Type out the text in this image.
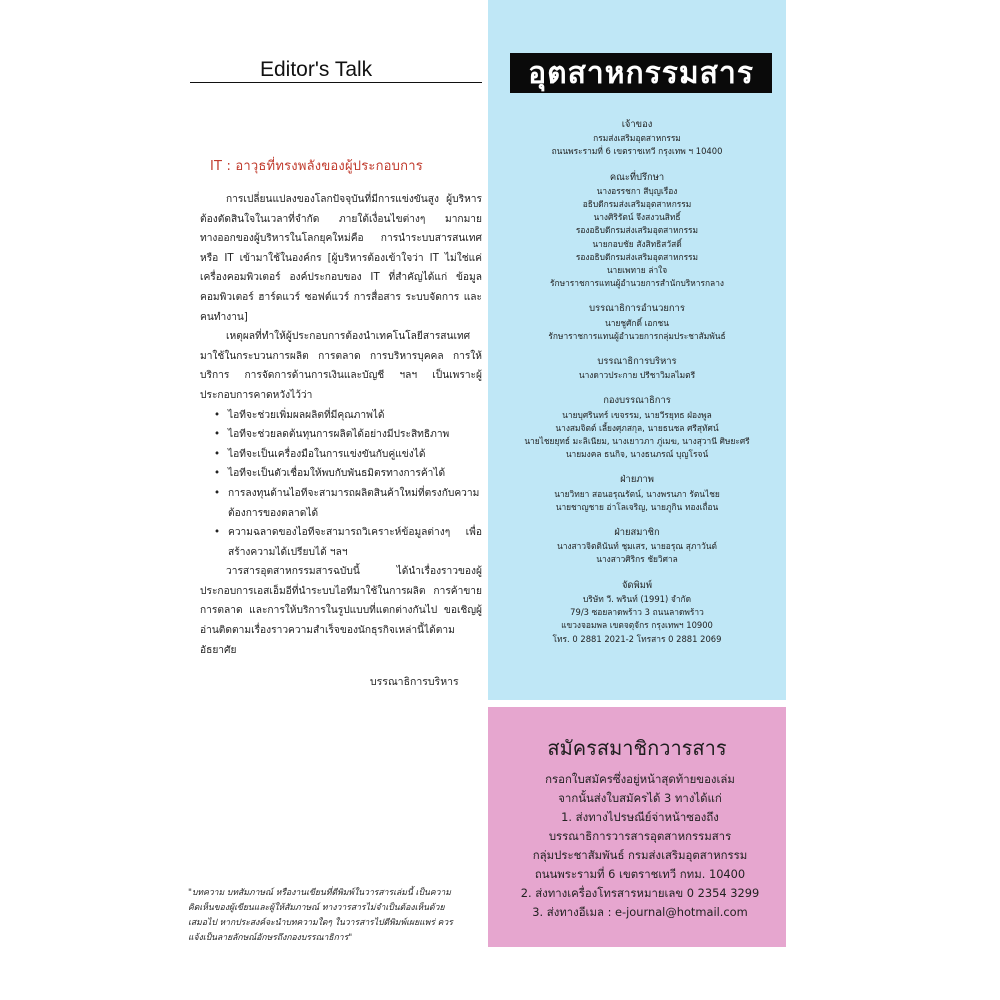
Editor's Talk
IT : อาวุธที่ทรงพลังของผู้ประกอบการ

การเปลี่ยนแปลงของโลกปัจจุบันที่มีการแข่งขันสูง ผู้บริหารต้องตัดสินใจในเวลาที่จำกัด ภายใต้เงื่อนไขต่างๆ มากมาย ทางออกของผู้บริหารในโลกยุคใหม่คือ การนำระบบสารสนเทศ หรือ IT เข้ามาใช้ในองค์กร [ผู้บริหารต้องเข้าใจว่า IT ไม่ใช่แค่เครื่องคอมพิวเตอร์ องค์ประกอบของ IT ที่สำคัญได้แก่ ข้อมูล คอมพิวเตอร์ ฮาร์ดแวร์ ซอฟต์แวร์ การสื่อสาร ระบบจัดการ และคนทำงาน]

เหตุผลที่ทำให้ผู้ประกอบการต้องนำเทคโนโลยีสารสนเทศมาใช้ในกระบวนการผลิต การตลาด การบริหารบุคคล การให้บริการ การจัดการด้านการเงินและบัญชี ฯลฯ เป็นเพราะผู้ประกอบการคาดหวังไว้ว่า

• ไอทีจะช่วยเพิ่มผลผลิตที่มีคุณภาพได้
• ไอทีจะช่วยลดต้นทุนการผลิตได้อย่างมีประสิทธิภาพ
• ไอทีจะเป็นเครื่องมือในการแข่งขันกับคู่แข่งได้
• ไอทีจะเป็นตัวเชื่อมให้พบกับพันธมิตรทางการค้าได้
• การลงทุนด้านไอทีจะสามารถผลิตสินค้าใหม่ที่ตรงกับความต้องการของตลาดได้
• ความฉลาดของไอทีจะสามารถวิเคราะห์ข้อมูลต่างๆ เพื่อสร้างความได้เปรียบได้ ฯลฯ

วารสารอุตสาหกรรมสารฉบับนี้ ได้นำเรื่องราวของผู้ประกอบการเอสเอ็มอีที่นำระบบไอทีมาใช้ในการผลิต การค้าขาย การตลาด และการให้บริการในรูปแบบที่แตกต่างกันไป ขอเชิญผู้อ่านติดตามเรื่องราวความสำเร็จของนักธุรกิจเหล่านี้ได้ตามอัธยาศัย

บรรณาธิการบริหาร
"บทความ บทสัมภาษณ์ หรืองานเขียนที่ตีพิมพ์ในวารสารเล่มนี้ เป็นความคิดเห็นของผู้เขียนและผู้ให้สัมภาษณ์ ทางวารสารไม่จำเป็นต้องเห็นด้วยเสมอไป หากประสงค์จะนำบทความใดๆ ในวารสารไปตีพิมพ์เผยแพร่ ควรแจ้งเป็นลายลักษณ์อักษรถึงกองบรรณาธิการ"
อุตสาหกรรมสาร
เจ้าของ
กรมส่งเสริมอุตสาหกรรม
ถนนพระรามที่ 6 เขตราชเทวี กรุงเทพ ฯ 10400
คณะที่ปรึกษา
นางอรรชกา สีบุญเรือง
อธิบดีกรมส่งเสริมอุตสาหกรรม
นางศิริรัตน์ จึงสงวนสิทธิ์
รองอธิบดีกรมส่งเสริมอุตสาหกรรม
นายกอบชัย สังสิทธิสวัสดิ์
รองอธิบดีกรมส่งเสริมอุตสาหกรรม
นายเพทาย ล่าใจ
รักษาราชการแทนผู้อำนวยการสำนักบริหารกลาง
บรรณาธิการอำนวยการ
นายชูศักดิ์ เอกชน
รักษาราชการแทนผู้อำนวยการกลุ่มประชาสัมพันธ์
บรรณาธิการบริหาร
นางดาวประกาย ปรีชาวิมลไมตรี
กองบรรณาธิการ
นายบุศรินทร์ เขจรรม, นายวีรยุทธ ฝ่องพูล
นางสมจิตต์ เลี้ยงศุภสกุล, นายธนชล ศรีสุทัศน์
นายไชยยุทธ์ มะลิเนียม, นางเยาวภา ภู่เมฆ, นางสุวานี ศิษยะศรี
นายมงคล ธนกิจ, นางธนภรณ์ บุญโรจน์
ฝ่ายภาพ
นายวิทยา สอนอรุณรัตน์, นางพรนภา รัตนไชย
นายชาญชาย อ่าโลเจริญ, นายภูกิน ทองเถื่อน
ฝ่ายสมาชิก
นางสาวจิตตินันท์ ชุมเสร, นายอรุณ สุภาวันต์
นางสาวศิริกร ชัยวิศาล
จัดพิมพ์
บริษัท วี. พรินท์ (1991) จำกัด
79/3 ซอยลาดพร้าว 3 ถนนลาดพร้าว
แขวงจอมพล เขตจตุจักร กรุงเทพฯ 10900
โทร. 0 2881 2021-2 โทรสาร 0 2881 2069
สมัครสมาชิกวารสาร
กรอกใบสมัครซึ่งอยู่หน้าสุดท้ายของเล่ม
จากนั้นส่งใบสมัครได้ 3 ทางได้แก่
1. ส่งทางไปรษณีย์จ่าหน้าซองถึง
บรรณาธิการวารสารอุตสาหกรรมสาร
กลุ่มประชาสัมพันธ์ กรมส่งเสริมอุตสาหกรรม
ถนนพระรามที่ 6 เขตราชเทวี กทม. 10400
2. ส่งทางเครื่องโทรสารหมายเลข 0 2354 3299
3. ส่งทางอีเมล : e-journal@hotmail.com
